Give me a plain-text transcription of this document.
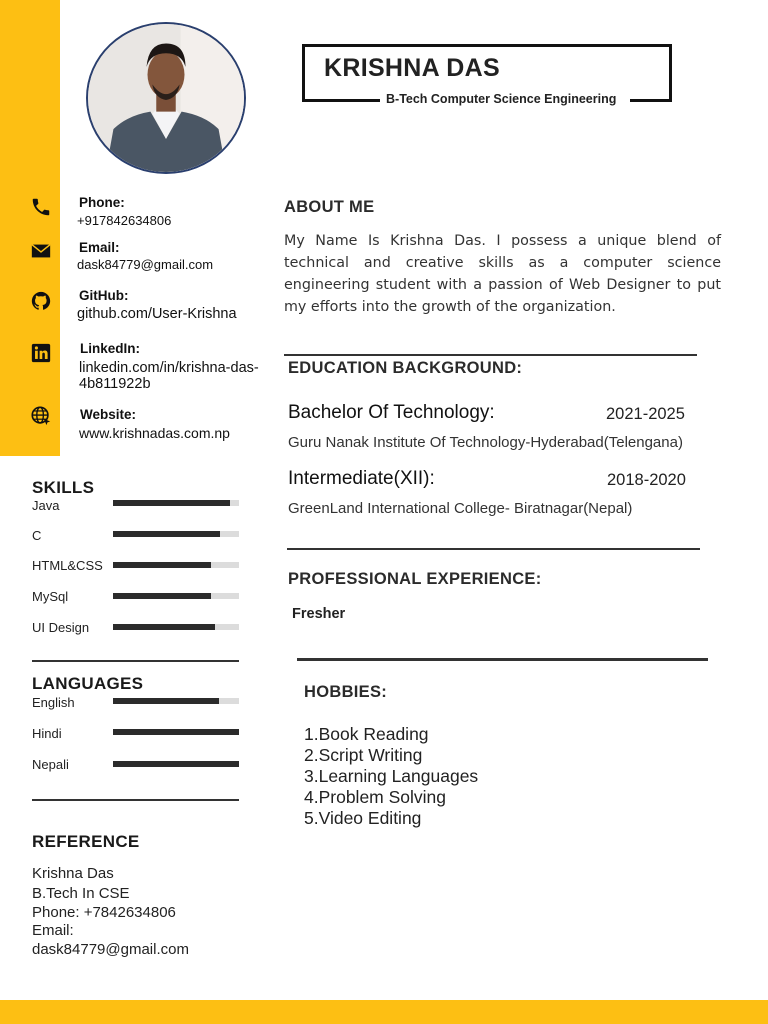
KRISHNA DAS
B-Tech Computer Science Engineering
Phone:
+917842634806
Email:
dask84779@gmail.com
GitHub:
github.com/User-Krishna
LinkedIn:
linkedin.com/in/krishna-das-
4b811922b
Website:
www.krishnadas.com.np
SKILLS
Java
C
HTML&CSS
MySql
UI Design
LANGUAGES
English
Hindi
Nepali
REFERENCE
Krishna Das
B.Tech In CSE
Phone: +7842634806
Email:
dask84779@gmail.com
ABOUT ME
My Name Is Krishna Das. I possess a unique blend of technical and creative skills as a computer science engineering student with a passion of Web Designer to put my efforts into the growth of the organization.
EDUCATION BACKGROUND:
Bachelor Of Technology:	2021-2025
Guru Nanak Institute Of Technology-Hyderabad(Telengana)
Intermediate(XII):	2018-2020
GreenLand International College- Biratnagar(Nepal)
PROFESSIONAL EXPERIENCE:
Fresher
HOBBIES:
1.Book Reading
2.Script Writing
3.Learning Languages
4.Problem Solving
5.Video Editing
